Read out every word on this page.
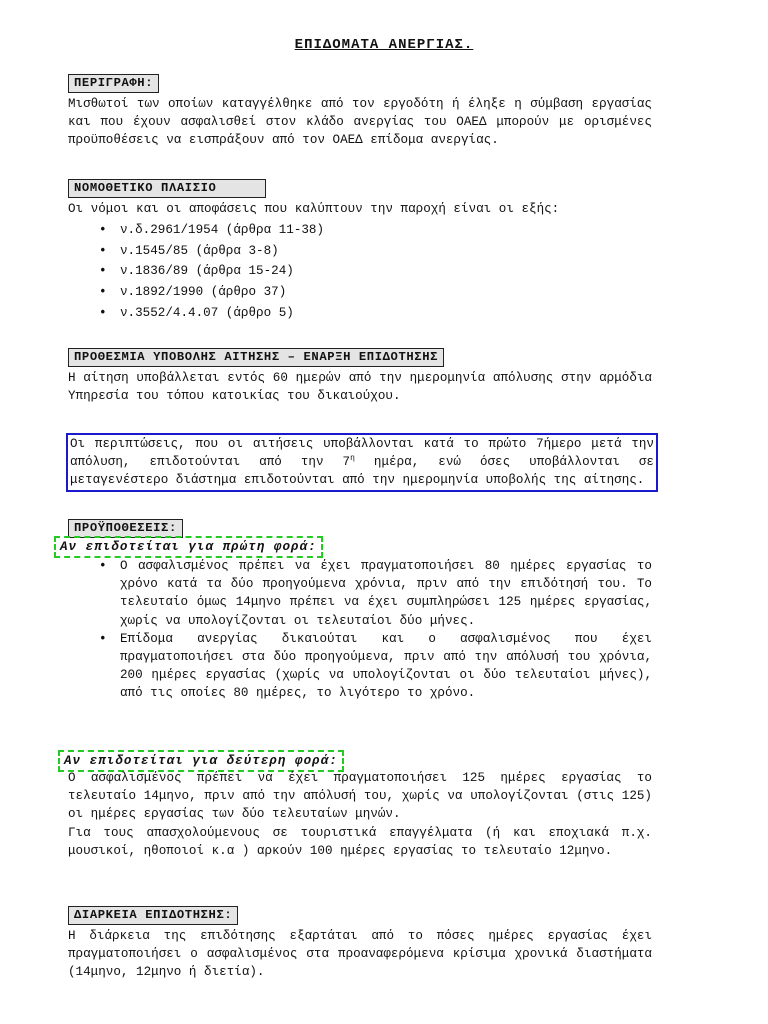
ΕΠΙΔΟΜΑΤΑ ΑΝΕΡΓΙΑΣ.
ΠΕΡΙΓΡΑΦΗ:

Μισθωτοί των οποίων καταγγέλθηκε από τον εργοδότη ή έληξε η σύμβαση εργασίας και που έχουν ασφαλισθεί στον κλάδο ανεργίας του ΟΑΕΔ μπορούν με ορισμένες προϋποθέσεις να εισπράξουν από τον ΟΑΕΔ επίδομα ανεργίας.

ΝΟΜΟΘΕΤΙΚΟ ΠΛΑΙΣΙΟ

Οι νόμοι και οι αποφάσεις που καλύπτουν την παροχή είναι οι εξής:

• ν.δ.2961/1954 (άρθρα 11-38)
• ν.1545/85 (άρθρα 3-8)
• ν.1836/89 (άρθρα 15-24)
• ν.1892/1990 (άρθρο 37)
• ν.3552/4.4.07 (άρθρο 5)
ΠΡΟΘΕΣΜΙΑ ΥΠΟΒΟΛΗΣ ΑΙΤΗΣΗΣ – ΕΝΑΡΞΗ ΕΠΙΔΟΤΗΣΗΣ

Η αίτηση υποβάλλεται εντός 60 ημερών από την ημερομηνία απόλυσης στην αρμόδια Υπηρεσία του τόπου κατοικίας του δικαιούχου.

Οι περιπτώσεις, που οι αιτήσεις υποβάλλονται κατά το πρώτο 7ήμερο μετά την απόλυση, επιδοτούνται από την $7^\eta$ ημέρα, ενώ όσες υποβάλλονται σε μεταγενέστερο διάστημα επιδοτούνται από την ημερομηνία υποβολής της αίτησης.

ΠΡΟΫΠΟΘΕΣΕΙΣ:
Αν επιδοτείται για πρώτη φορά:

• Ο ασφαλισμένος πρέπει να έχει πραγματοποιήσει 80 ημέρες εργασίας το χρόνο κατά τα δύο προηγούμενα χρόνια, πριν από την επιδότησή του. Το τελευταίο όμως 14μηνο πρέπει να έχει συμπληρώσει 125 ημέρες εργασίας, χωρίς να υπολογίζονται οι τελευταίοι δύο μήνες.

• Επίδομα ανεργίας δικαιούται και ο ασφαλισμένος που έχει πραγματοποιήσει στα δύο προηγούμενα, πριν από την απόλυσή του χρόνια, 200 ημέρες εργασίας (χωρίς να υπολογίζονται οι δύο τελευταίοι μήνες), από τις οποίες 80 ημέρες, το λιγότερο το χρόνο.

Αν επιδοτείται για δεύτερη φορά:

Ο ασφαλισμένος πρέπει να έχει πραγματοποιήσει 125 ημέρες εργασίας το τελευταίο 14μηνο, πριν από την απόλυσή του, χωρίς να υπολογίζονται (στις 125) οι ημέρες εργασίας των δύο τελευταίων μηνών.

Για τους απασχολούμενους σε τουριστικά επαγγέλματα (ή και εποχιακά π.χ. μουσικοί, ηθοποιοί κ.α ) αρκούν 100 ημέρες εργασίας το τελευταίο 12μηνο.

ΔΙΑΡΚΕΙΑ ΕΠΙΔΟΤΗΣΗΣ:

Η διάρκεια της επιδότησης εξαρτάται από το πόσες ημέρες εργασίας έχει πραγματοποιήσει ο ασφαλισμένος στα προαναφερόμενα κρίσιμα χρονικά διαστήματα (14μηνο, 12μηνο ή διετία).
